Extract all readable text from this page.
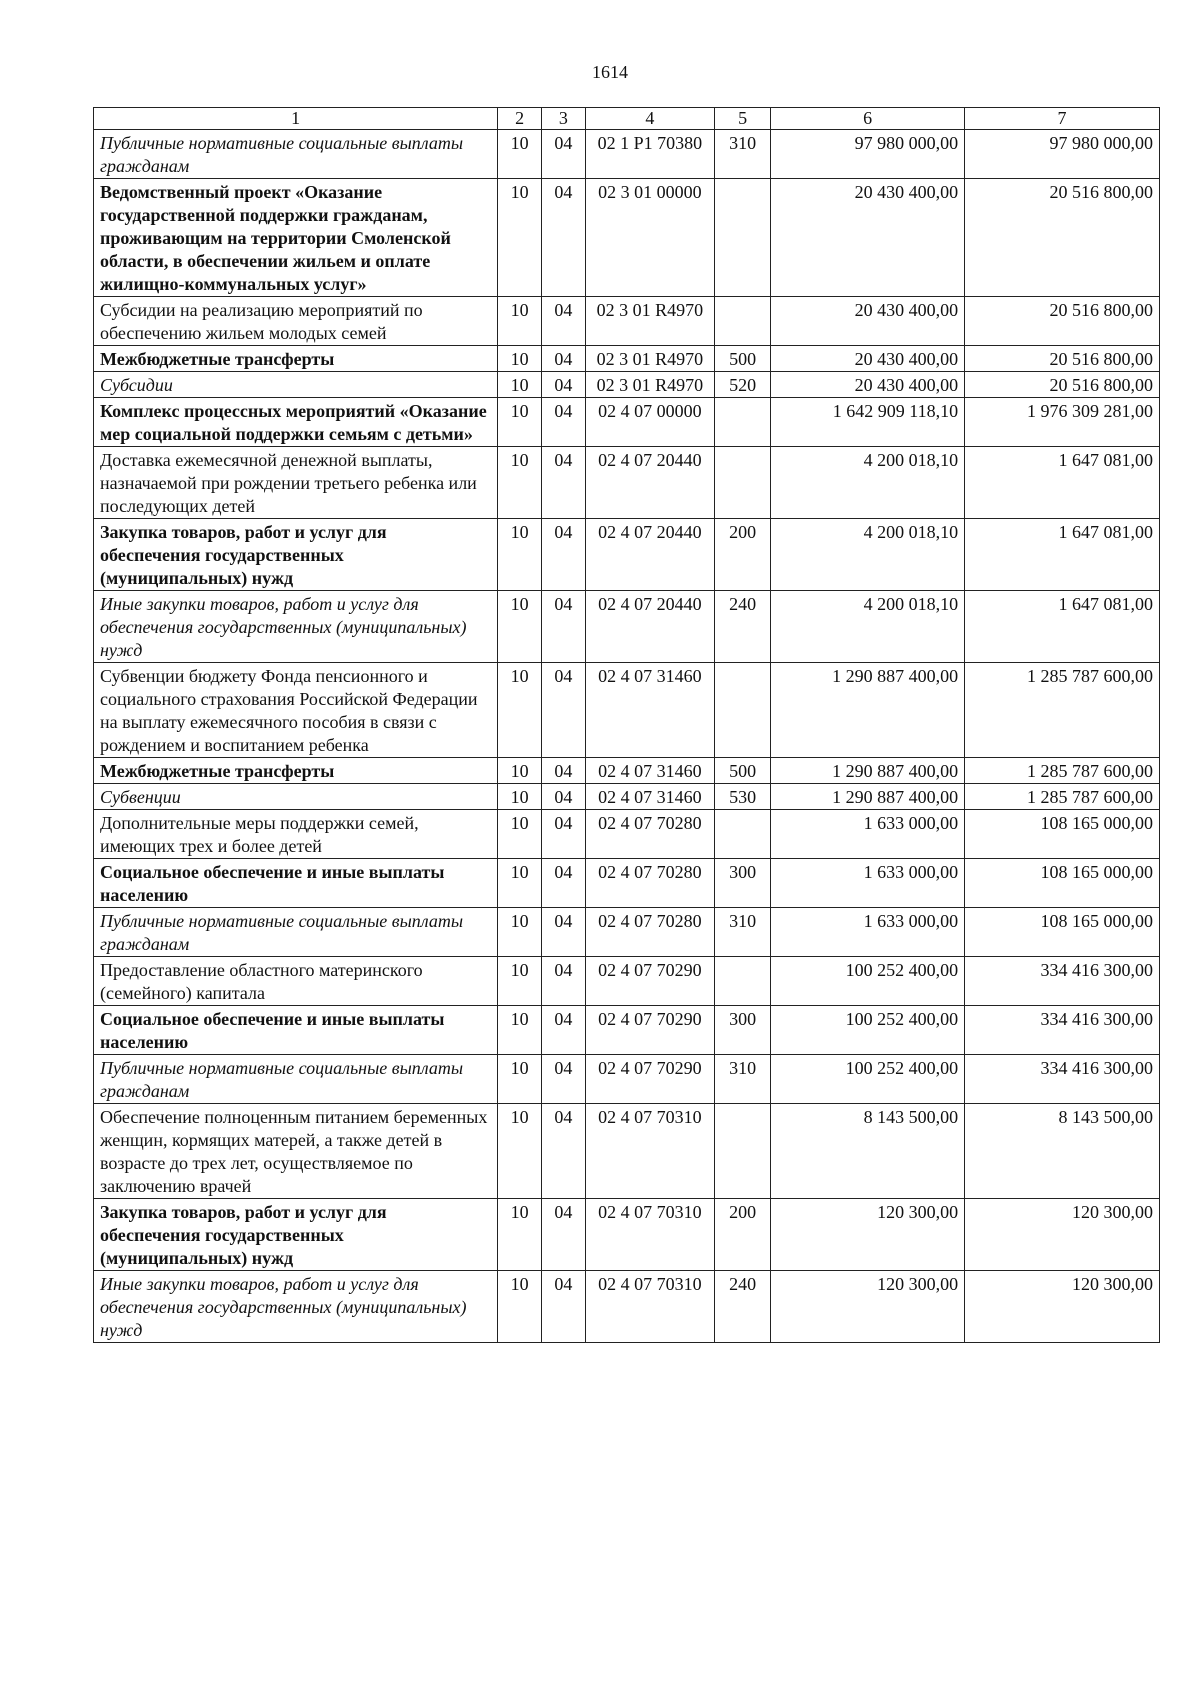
1614
1	2	3	4	5	6	7
Публичные нормативные социальные выплаты гражданам	10	04	02 1 Р1 70380	310	97 980 000,00	97 980 000,00
Ведомственный проект «Оказание государственной поддержки гражданам, проживающим на территории Смоленской области, в обеспечении жильем и оплате жилищно-коммунальных услуг»	10	04	02 3 01 00000		20 430 400,00	20 516 800,00
Субсидии на реализацию мероприятий по обеспечению жильем молодых семей	10	04	02 3 01 R4970		20 430 400,00	20 516 800,00
Межбюджетные трансферты	10	04	02 3 01 R4970	500	20 430 400,00	20 516 800,00
Субсидии	10	04	02 3 01 R4970	520	20 430 400,00	20 516 800,00
Комплекс процессных мероприятий «Оказание мер социальной поддержки семьям с детьми»	10	04	02 4 07 00000		1 642 909 118,10	1 976 309 281,00
Доставка ежемесячной денежной выплаты, назначаемой при рождении третьего ребенка или последующих детей	10	04	02 4 07 20440		4 200 018,10	1 647 081,00
Закупка товаров, работ и услуг для обеспечения государственных (муниципальных) нужд	10	04	02 4 07 20440	200	4 200 018,10	1 647 081,00
Иные закупки товаров, работ и услуг для обеспечения государственных (муниципальных) нужд	10	04	02 4 07 20440	240	4 200 018,10	1 647 081,00
Субвенции бюджету Фонда пенсионного и социального страхования Российской Федерации на выплату ежемесячного пособия в связи с рождением и воспитанием ребенка	10	04	02 4 07 31460		1 290 887 400,00	1 285 787 600,00
Межбюджетные трансферты	10	04	02 4 07 31460	500	1 290 887 400,00	1 285 787 600,00
Субвенции	10	04	02 4 07 31460	530	1 290 887 400,00	1 285 787 600,00
Дополнительные меры поддержки семей, имеющих трех и более детей	10	04	02 4 07 70280		1 633 000,00	108 165 000,00
Социальное обеспечение и иные выплаты населению	10	04	02 4 07 70280	300	1 633 000,00	108 165 000,00
Публичные нормативные социальные выплаты гражданам	10	04	02 4 07 70280	310	1 633 000,00	108 165 000,00
Предоставление областного материнского (семейного) капитала	10	04	02 4 07 70290		100 252 400,00	334 416 300,00
Социальное обеспечение и иные выплаты населению	10	04	02 4 07 70290	300	100 252 400,00	334 416 300,00
Публичные нормативные социальные выплаты гражданам	10	04	02 4 07 70290	310	100 252 400,00	334 416 300,00
Обеспечение полноценным питанием беременных женщин, кормящих матерей, а также детей в возрасте до трех лет, осуществляемое по заключению врачей	10	04	02 4 07 70310		8 143 500,00	8 143 500,00
Закупка товаров, работ и услуг для обеспечения государственных (муниципальных) нужд	10	04	02 4 07 70310	200	120 300,00	120 300,00
Иные закупки товаров, работ и услуг для обеспечения государственных (муниципальных) нужд	10	04	02 4 07 70310	240	120 300,00	120 300,00
